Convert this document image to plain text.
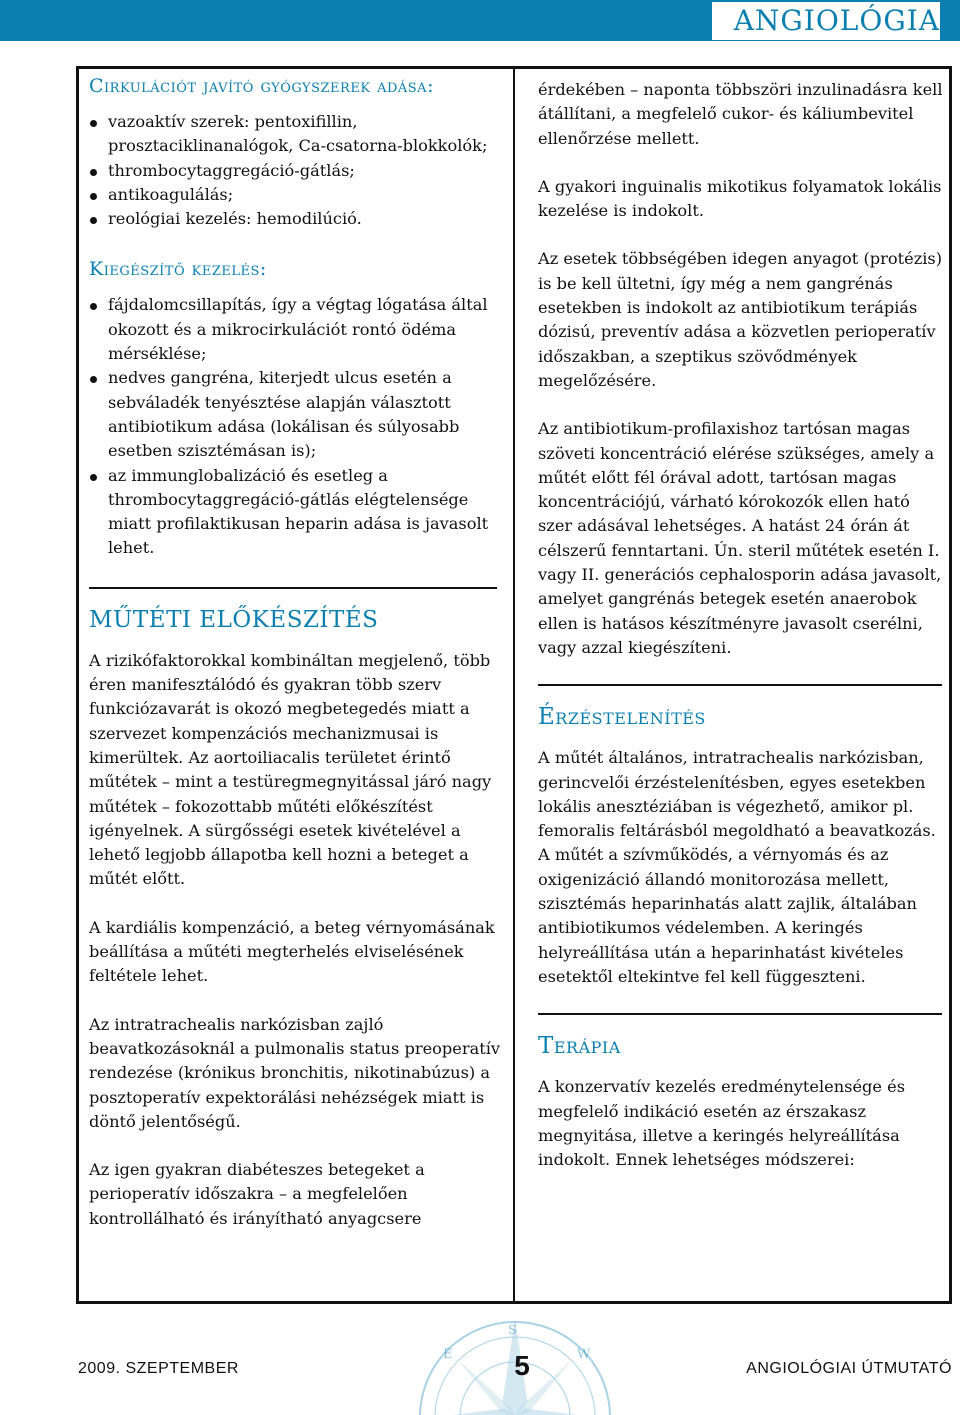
ANGIOLÓGIA
Cirkulációt javító gyógyszerek adása:
vazoaktív szerek: pentoxifillin, prosztaciklinanalógok, Ca-csatorna-blokkolók;
thrombocytaggregáció-gátlás;
antikoagulálás;
reológiai kezelés: hemodilúció.
Kiegészítő kezelés:
fájdalomcsillapítás, így a végtag lógatása által okozott és a mikrocirkulációt rontó ödéma mérséklése;
nedves gangréna, kiterjedt ulcus esetén a sebváladék tenyésztése alapján választott antibiotikum adása (lokálisan és súlyosabb esetben szisztémásan is);
az immunglobalizáció és esetleg a thrombocytaggregáció-gátlás elégtelensége miatt profilaktikusan heparin adása is javasolt lehet.
MŰTÉTI ELŐKÉSZÍTÉS

A rizikófaktorokkal kombináltan megjelenő, több éren manifesztálódó és gyakran több szerv funkciózavarát is okozó megbetegedés miatt a szervezet kompenzációs mechanizmusai is kimerültek. Az aortoiliacalis területet érintő műtétek – mint a testüregmegnyitással járó nagy műtétek – fokozottabb műtéti előkészítést igényelnek. A sürgősségi esetek kivételével a lehető legjobb állapotba kell hozni a beteget a műtét előtt.

A kardiális kompenzáció, a beteg vérnyomásának beállítása a műtéti megterhelés elviselésének feltétele lehet.

Az intratrachealis narkózisban zajló beavatkozásoknál a pulmonalis status preoperatív rendezése (krónikus bronchitis, nikotinabúzus) a posztoperatív expektorálási nehézségek miatt is döntő jelentőségű.

Az igen gyakran diabéteszes betegeket a perioperatív időszakra – a megfelelően kontrollálható és irányítható anyagcsere

érdekében – naponta többszöri inzulinadásra kell átállítani, a megfelelő cukor- és káliumbevitel ellenőrzése mellett.

A gyakori inguinalis mikotikus folyamatok lokális kezelése is indokolt.

Az esetek többségében idegen anyagot (protézis) is be kell ültetni, így még a nem gangrénás esetekben is indokolt az antibiotikum terápiás dózisú, preventív adása a közvetlen perioperatív időszakban, a szeptikus szövődmények megelőzésére.

Az antibiotikum-profilaxishoz tartósan magas szöveti koncentráció elérése szükséges, amely a műtét előtt fél órával adott, tartósan magas koncentrációjú, várható kórokozók ellen ható szer adásával lehetséges. A hatást 24 órán át célszerű fenntartani. Ún. steril műtétek esetén I. vagy II. generációs cephalosporin adása javasolt, amelyet gangrénás betegek esetén anaerobok ellen is hatásos készítményre javasolt cserélni, vagy azzal kiegészíteni.

Érzéstelenítés

A műtét általános, intratrachealis narkózisban, gerincvelői érzéstelenítésben, egyes esetekben lokális anesztéziában is végezhető, amikor pl. femoralis feltárásból megoldható a beavatkozás. A műtét a szívműködés, a vérnyomás és az oxigenizáció állandó monitorozása mellett, szisztémás heparinhatás alatt zajlik, általában antibiotikumos védelemben. A keringés helyreállítása után a heparinhatást kivételes esetektől eltekintve fel kell függeszteni.

Terápia

A konzervatív kezelés eredménytelensége és megfelelő indikáció esetén az érszakasz megnyitása, illetve a keringés helyreállítása indokolt. Ennek lehetséges módszerei:

E
S
W
2009. SZEPTEMBER	5	ANGIOLÓGIAI ÚTMUTATÓ
